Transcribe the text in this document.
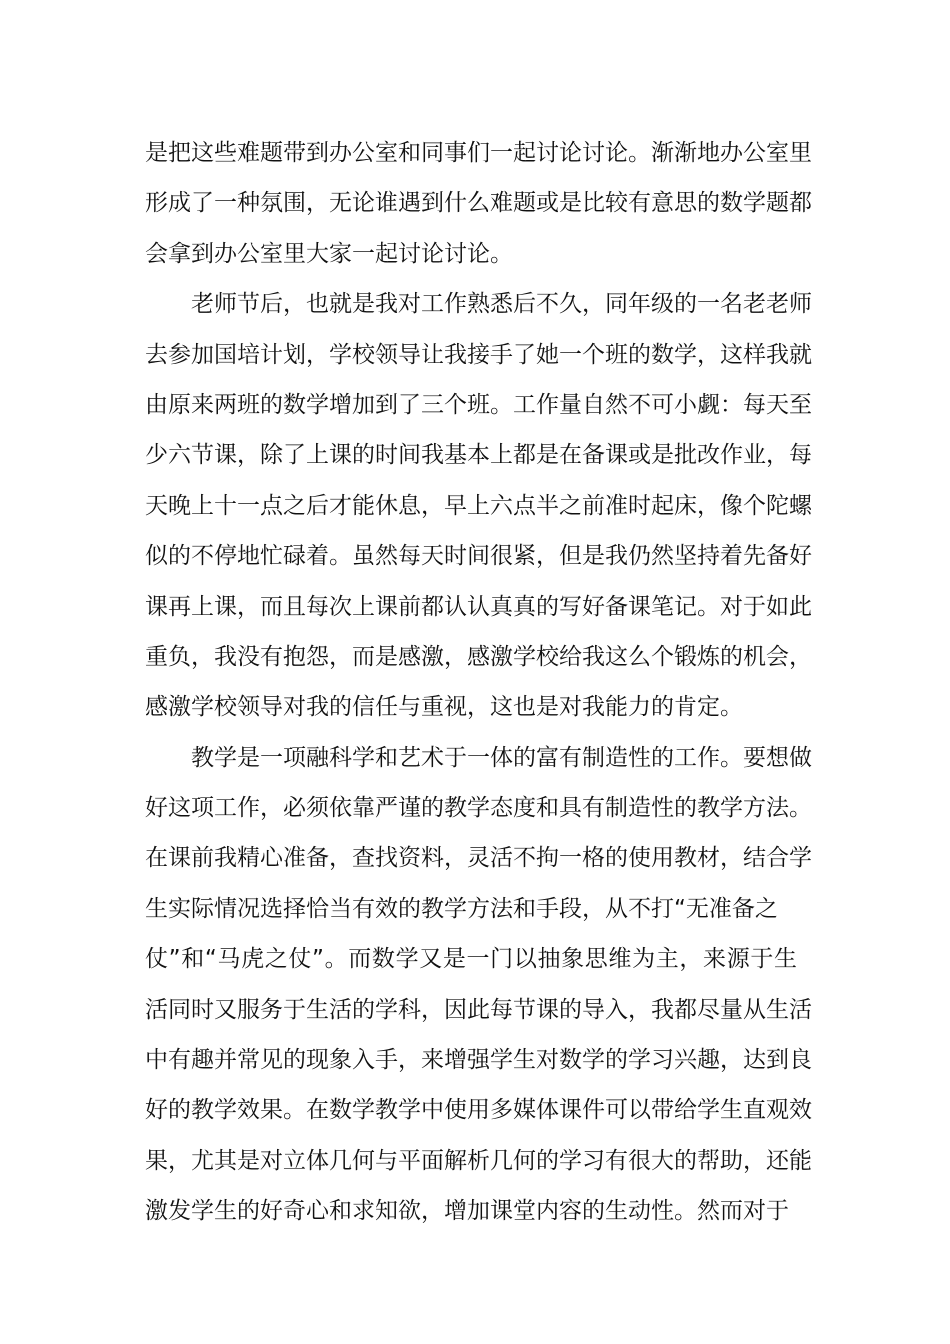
是把这些难题带到办公室和同事们一起讨论讨论。渐渐地办公室里
形成了一种氛围，无论谁遇到什么难题或是比较有意思的数学题都
会拿到办公室里大家一起讨论讨论。
老师节后，也就是我对工作熟悉后不久，同年级的一名老老师
去参加国培计划，学校领导让我接手了她一个班的数学，这样我就
由原来两班的数学增加到了三个班。工作量自然不可小觑：每天至
少六节课，除了上课的时间我基本上都是在备课或是批改作业，每
天晚上十一点之后才能休息，早上六点半之前准时起床，像个陀螺
似的不停地忙碌着。虽然每天时间很紧，但是我仍然坚持着先备好
课再上课，而且每次上课前都认认真真的写好备课笔记。对于如此
重负，我没有抱怨，而是感激，感激学校给我这么个锻炼的机会，
感激学校领导对我的信任与重视，这也是对我能力的肯定。
教学是一项融科学和艺术于一体的富有制造性的工作。要想做
好这项工作，必须依靠严谨的教学态度和具有制造性的教学方法。
在课前我精心准备，查找资料，灵活不拘一格的使用教材，结合学
生实际情况选择恰当有效的教学方法和手段，从不打“无准备之
仗”和“马虎之仗”。而数学又是一门以抽象思维为主，来源于生
活同时又服务于生活的学科，因此每节课的导入，我都尽量从生活
中有趣并常见的现象入手，来增强学生对数学的学习兴趣，达到良
好的教学效果。在数学教学中使用多媒体课件可以带给学生直观效
果，尤其是对立体几何与平面解析几何的学习有很大的帮助，还能
激发学生的好奇心和求知欲，增加课堂内容的生动性。然而对于
